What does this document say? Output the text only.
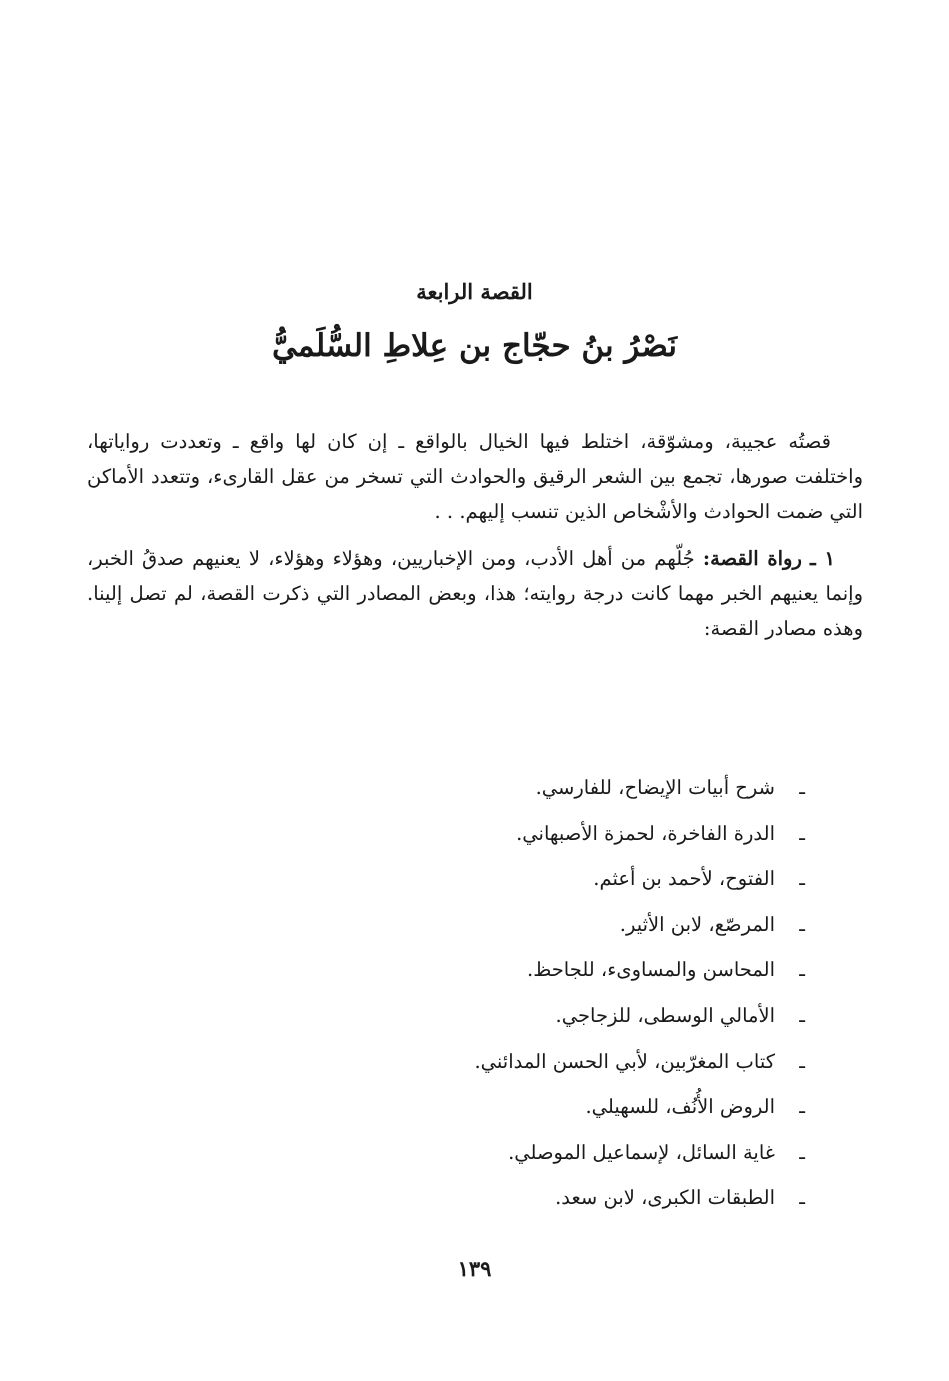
القصة الرابعة
نَصْرُ بنُ حجّاج بن عِلاطِ السُّلَميُّ

قصتُه عجيبة، ومشوّقة، اختلط فيها الخيال بالواقع ـ إن كان لها واقع ـ وتعددت رواياتها، واختلفت صورها، تجمع بين الشعر الرقيق والحوادث التي تسخر من عقل القارىء، وتتعدد الأماكن التي ضمت الحوادث والأشْخاص الذين تنسب إليهم. . .

١ ـ رواة القصة: جُلّهم من أهل الأدب، ومن الإخباريين، وهؤلاء وهؤلاء، لا يعنيهم صدقُ الخبر، وإنما يعنيهم الخبر مهما كانت درجة روايته؛ هذا، وبعض المصادر التي ذكرت القصة، لم تصل إلينا. وهذه مصادر القصة:

ـشرح أبيات الإيضاح، للفارسي.
ـالدرة الفاخرة، لحمزة الأصبهاني.
ـالفتوح، لأحمد بن أعثم.
ـالمرصّع، لابن الأثير.
ـالمحاسن والمساوىء، للجاحظ.
ـالأمالي الوسطى، للزجاجي.
ـكتاب المغرّبين، لأبي الحسن المدائني.
ـالروض الأُنُف، للسهيلي.
ـغاية السائل، لإسماعيل الموصلي.
ـالطبقات الكبرى، لابن سعد.
١٣٩
